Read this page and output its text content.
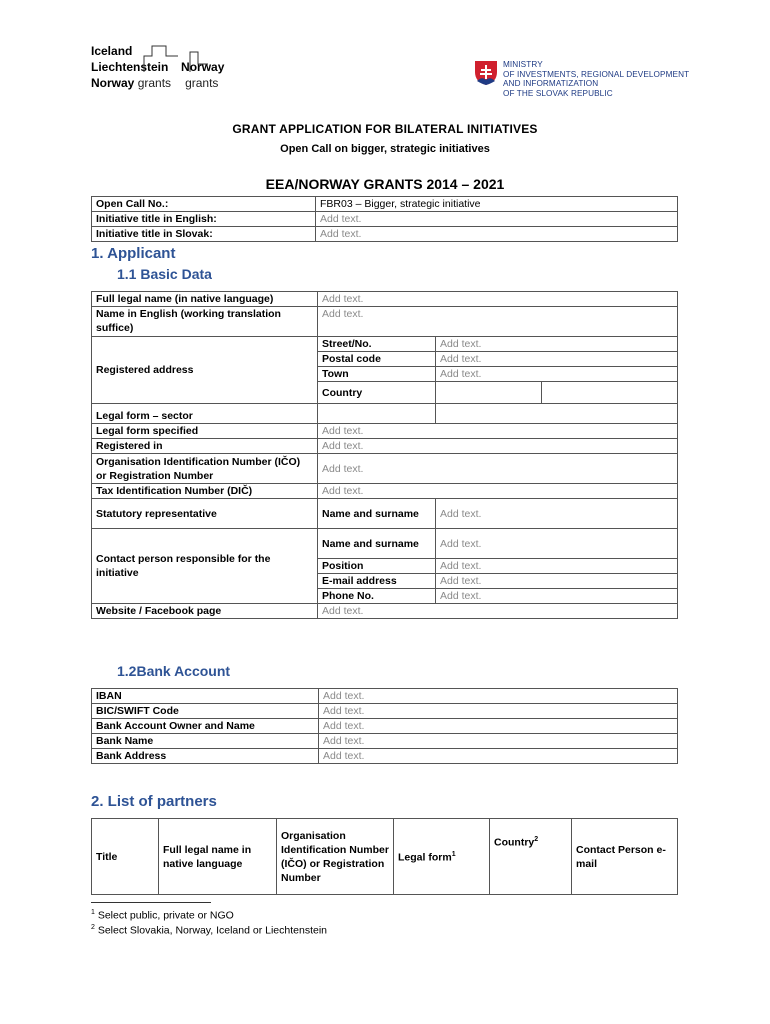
Iceland
Liechtenstein Norway
Norway grants grants
MINISTRY
OF INVESTMENTS, REGIONAL DEVELOPMENT
AND INFORMATIZATION
OF THE SLOVAK REPUBLIC
GRANT APPLICATION FOR BILATERAL INITIATIVES
Open Call on bigger, strategic initiatives
EEA/NORWAY GRANTS 2014 – 2021
Open Call No.:	FBR03 – Bigger, strategic initiative
Initiative title in English:	Add text.
Initiative title in Slovak:	Add text.
1. Applicant
1.1 Basic Data
Full legal name (in native language)	Add text.		
Name in English (working translation suffice)	Add text.		
Registered address	Street/No.	Add text.	
	Postal code	Add text.	
	Town	Add text.	
	Country		
Legal form – sector			
Legal form specified	Add text.		
Registered in	Add text.		
Organisation Identification Number (IČO) or Registration Number	Add text.		
Tax Identification Number (DIČ)	Add text.		
Statutory representative	Name and surname	Add text.	
Contact person responsible for the initiative	Name and surname	Add text.	
	Position	Add text.	
	E-mail address	Add text.	
	Phone No.	Add text.	
Website / Facebook page	Add text.		
1.2Bank Account
IBAN	Add text.
BIC/SWIFT Code	Add text.
Bank Account Owner and Name	Add text.
Bank Name	Add text.
Bank Address	Add text.
2. List of partners
Title	Full legal name in native language	Organisation Identification Number (IČO) or Registration Number	Legal form$^1$	Country$^2$	Contact Person e-mail
$^1$ Select public, private or NGO
$^2$ Select Slovakia, Norway, Iceland or Liechtenstein
